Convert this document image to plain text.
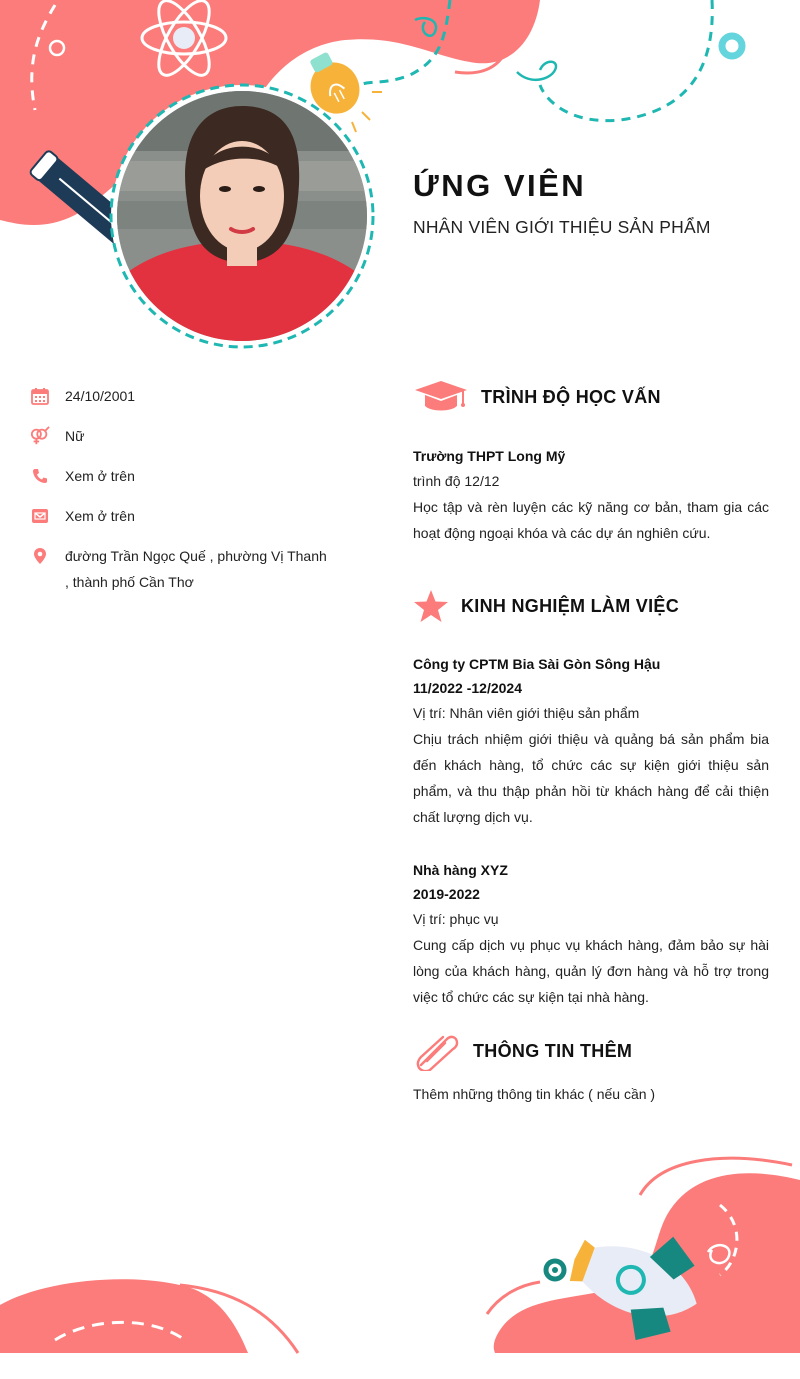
ỨNG VIÊN
NHÂN VIÊN GIỚI THIỆU SẢN PHẨM
24/10/2001
Nữ
Xem ở trên
Xem ở trên
đường Trần Ngọc Quế , phường Vị Thanh , thành phố Cần Thơ
TRÌNH ĐỘ HỌC VẤN
Trường THPT Long Mỹ
trình độ 12/12
Học tập và rèn luyện các kỹ năng cơ bản, tham gia các hoạt động ngoại khóa và các dự án nghiên cứu.
KINH NGHIỆM LÀM VIỆC
Công ty CPTM Bia Sài Gòn Sông Hậu
11/2022 -12/2024
Vị trí: Nhân viên giới thiệu sản phẩm
Chịu trách nhiệm giới thiệu và quảng bá sản phẩm bia đến khách hàng, tổ chức các sự kiện giới thiệu sản phẩm, và thu thập phản hồi từ khách hàng để cải thiện chất lượng dịch vụ.
Nhà hàng XYZ
2019-2022
Vị trí: phục vụ
Cung cấp dịch vụ phục vụ khách hàng, đảm bảo sự hài lòng của khách hàng, quản lý đơn hàng và hỗ trợ trong việc tổ chức các sự kiện tại nhà hàng.
THÔNG TIN THÊM
Thêm những thông tin khác ( nếu cần )
